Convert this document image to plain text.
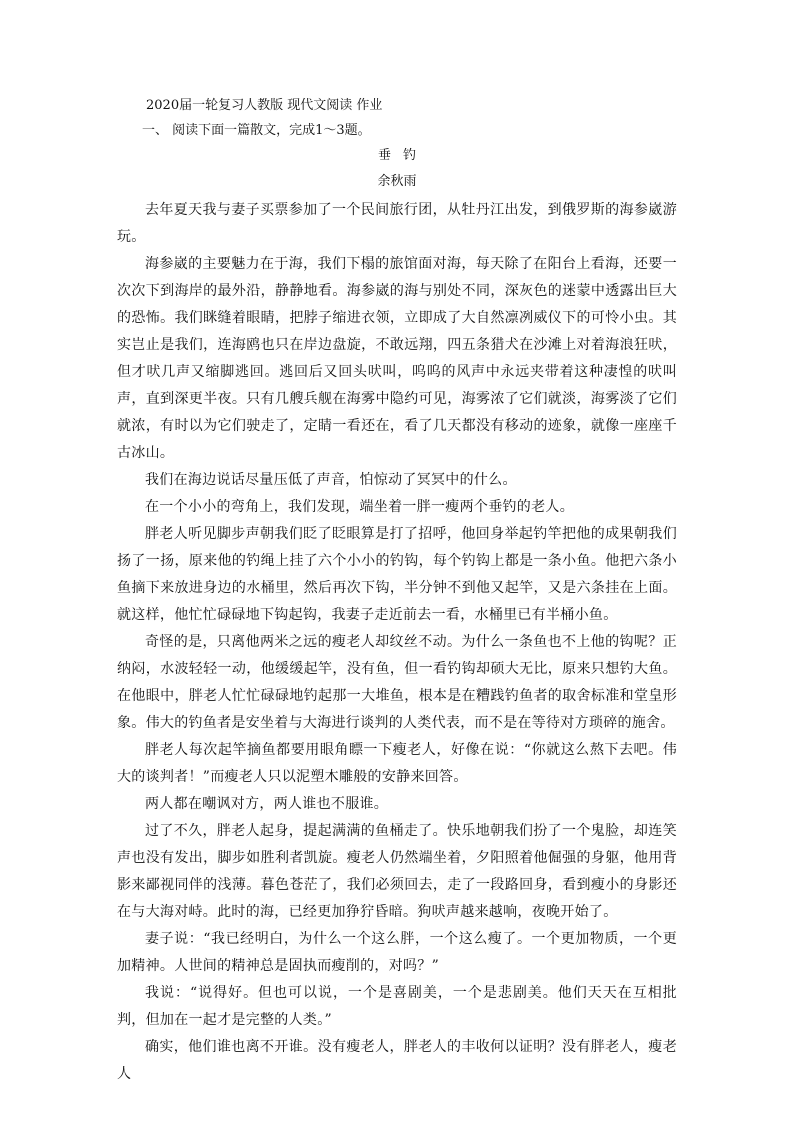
2020届一轮复习人教版 现代文阅读 作业
一、 阅读下面一篇散文，完成1～3题。
垂钓
余秋雨

去年夏天我与妻子买票参加了一个民间旅行团，从牡丹江出发，到俄罗斯的海参崴游玩。

海参崴的主要魅力在于海，我们下榻的旅馆面对海，每天除了在阳台上看海，还要一次次下到海岸的最外沿，静静地看。海参崴的海与别处不同，深灰色的迷蒙中透露出巨大的恐怖。我们眯缝着眼睛，把脖子缩进衣领，立即成了大自然凛冽威仪下的可怜小虫。其实岂止是我们，连海鸥也只在岸边盘旋，不敢远翔，四五条猎犬在沙滩上对着海浪狂吠，但才吠几声又缩脚逃回。逃回后又回头吠叫，呜呜的风声中永远夹带着这种凄惶的吠叫声，直到深更半夜。只有几艘兵舰在海雾中隐约可见，海雾浓了它们就淡，海雾淡了它们就浓，有时以为它们驶走了，定睛一看还在，看了几天都没有移动的迹象，就像一座座千古冰山。

我们在海边说话尽量压低了声音，怕惊动了冥冥中的什么。

在一个小小的弯角上，我们发现，端坐着一胖一瘦两个垂钓的老人。

胖老人听见脚步声朝我们眨了眨眼算是打了招呼，他回身举起钓竿把他的成果朝我们扬了一扬，原来他的钓绳上挂了六个小小的钓钩，每个钓钩上都是一条小鱼。他把六条小鱼摘下来放进身边的水桶里，然后再次下钩，半分钟不到他又起竿，又是六条挂在上面。就这样，他忙忙碌碌地下钩起钩，我妻子走近前去一看，水桶里已有半桶小鱼。

奇怪的是，只离他两米之远的瘦老人却纹丝不动。为什么一条鱼也不上他的钩呢？正纳闷，水波轻轻一动，他缓缓起竿，没有鱼，但一看钓钩却硕大无比，原来只想钓大鱼。在他眼中，胖老人忙忙碌碌地钓起那一大堆鱼，根本是在糟践钓鱼者的取舍标准和堂皇形象。伟大的钓鱼者是安坐着与大海进行谈判的人类代表，而不是在等待对方琐碎的施舍。

胖老人每次起竿摘鱼都要用眼角瞟一下瘦老人，好像在说：“你就这么熬下去吧。伟大的谈判者！”而瘦老人只以泥塑木雕般的安静来回答。

两人都在嘲讽对方，两人谁也不服谁。

过了不久，胖老人起身，提起满满的鱼桶走了。快乐地朝我们扮了一个鬼脸，却连笑声也没有发出，脚步如胜利者凯旋。瘦老人仍然端坐着，夕阳照着他倔强的身躯，他用背影来鄙视同伴的浅薄。暮色苍茫了，我们必须回去，走了一段路回身，看到瘦小的身影还在与大海对峙。此时的海，已经更加狰狞昏暗。狗吠声越来越响，夜晚开始了。

妻子说：“我已经明白，为什么一个这么胖，一个这么瘦了。一个更加物质，一个更加精神。人世间的精神总是固执而瘦削的，对吗？”

我说：“说得好。但也可以说，一个是喜剧美，一个是悲剧美。他们天天在互相批判，但加在一起才是完整的人类。”

确实，他们谁也离不开谁。没有瘦老人，胖老人的丰收何以证明？没有胖老人，瘦老人
